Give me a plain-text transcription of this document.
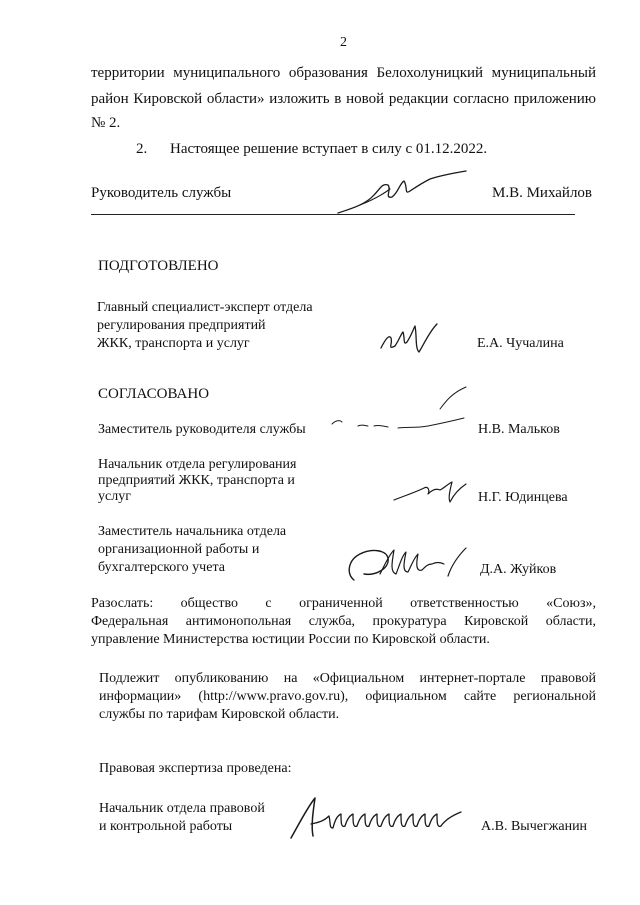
2
территории муниципального образования Белохолуницкий муниципальный
район Кировской области» изложить в новой редакции согласно приложению
№ 2.
2. Настоящее решение вступает в силу с 01.12.2022.
Руководитель службы	М.В. Михайлов
ПОДГОТОВЛЕНО
Главный специалист-эксперт отдела
регулирования предприятий
ЖКК, транспорта и услуг	Е.А. Чучалина
СОГЛАСОВАНО
Заместитель руководителя службы	Н.В. Мальков
Начальник отдела регулирования
предприятий ЖКК, транспорта и
услуг	Н.Г. Юдинцева
Заместитель начальника отдела
организационной работы и
бухгалтерского учета	Д.А. Жуйков
Разослать: общество с ограниченной ответственностью «Союз»,
Федеральная антимонопольная служба, прокуратура Кировской области,
управление Министерства юстиции России по Кировской области.
Подлежит опубликованию на «Официальном интернет-портале правовой
информации» (http://www.pravo.gov.ru), официальном сайте региональной
службы по тарифам Кировской области.
Правовая экспертиза проведена:
Начальник отдела правовой
и контрольной работы	А.В. Вычегжанин
